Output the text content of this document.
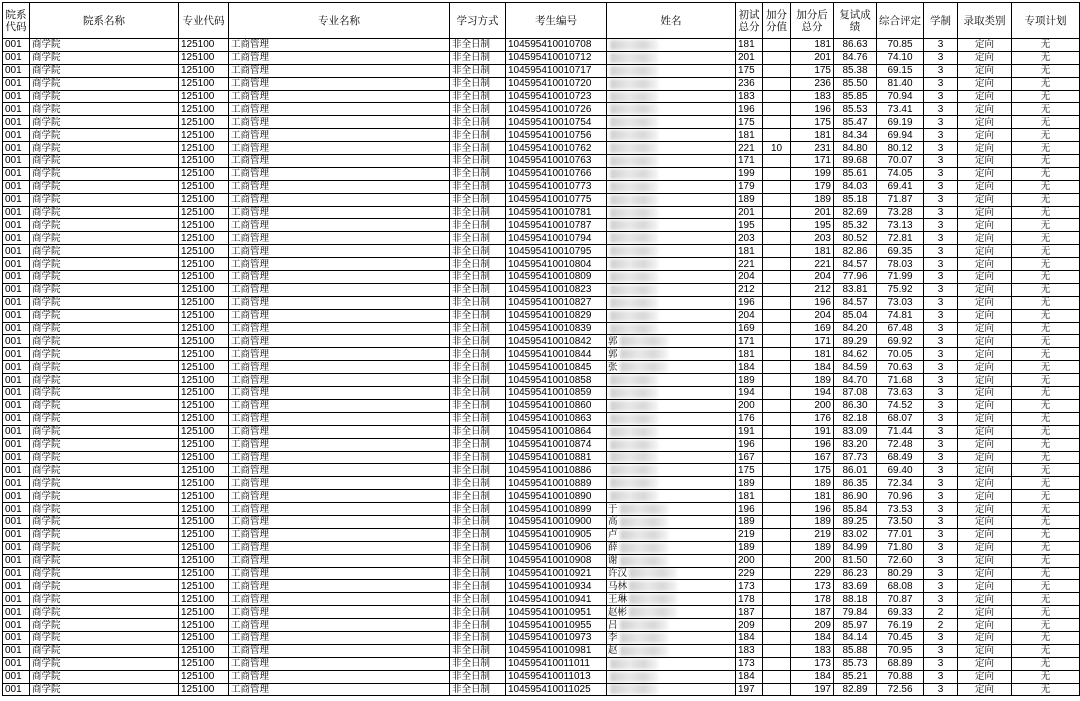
院系代码	院系名称	专业代码	专业名称	学习方式	考生编号	姓名	初试总分	加分分值	加分后总分	复试成绩	综合评定	学制	录取类别	专项计划
001	商学院	125100	工商管理	非全日制	104595410010708		181		181	86.63	70.85	3	定向	无
001	商学院	125100	工商管理	非全日制	104595410010712		201		201	84.76	74.10	3	定向	无
001	商学院	125100	工商管理	非全日制	104595410010717		175		175	85.38	69.15	3	定向	无
001	商学院	125100	工商管理	非全日制	104595410010720		236		236	85.50	81.40	3	定向	无
001	商学院	125100	工商管理	非全日制	104595410010723		183		183	85.85	70.94	3	定向	无
001	商学院	125100	工商管理	非全日制	104595410010726		196		196	85.53	73.41	3	定向	无
001	商学院	125100	工商管理	非全日制	104595410010754		175		175	85.47	69.19	3	定向	无
001	商学院	125100	工商管理	非全日制	104595410010756		181		181	84.34	69.94	3	定向	无
001	商学院	125100	工商管理	非全日制	104595410010762		221	10	231	84.80	80.12	3	定向	无
001	商学院	125100	工商管理	非全日制	104595410010763		171		171	89.68	70.07	3	定向	无
001	商学院	125100	工商管理	非全日制	104595410010766		199		199	85.61	74.05	3	定向	无
001	商学院	125100	工商管理	非全日制	104595410010773		179		179	84.03	69.41	3	定向	无
001	商学院	125100	工商管理	非全日制	104595410010775		189		189	85.18	71.87	3	定向	无
001	商学院	125100	工商管理	非全日制	104595410010781		201		201	82.69	73.28	3	定向	无
001	商学院	125100	工商管理	非全日制	104595410010787		195		195	85.32	73.13	3	定向	无
001	商学院	125100	工商管理	非全日制	104595410010794		203		203	80.52	72.81	3	定向	无
001	商学院	125100	工商管理	非全日制	104595410010795		181		181	82.86	69.35	3	定向	无
001	商学院	125100	工商管理	非全日制	104595410010804		221		221	84.57	78.03	3	定向	无
001	商学院	125100	工商管理	非全日制	104595410010809		204		204	77.96	71.99	3	定向	无
001	商学院	125100	工商管理	非全日制	104595410010823		212		212	83.81	75.92	3	定向	无
001	商学院	125100	工商管理	非全日制	104595410010827		196		196	84.57	73.03	3	定向	无
001	商学院	125100	工商管理	非全日制	104595410010829		204		204	85.04	74.81	3	定向	无
001	商学院	125100	工商管理	非全日制	104595410010839		169		169	84.20	67.48	3	定向	无
001	商学院	125100	工商管理	非全日制	104595410010842	郭	171		171	89.29	69.92	3	定向	无
001	商学院	125100	工商管理	非全日制	104595410010844	郭	181		181	84.62	70.05	3	定向	无
001	商学院	125100	工商管理	非全日制	104595410010845	张	184		184	84.59	70.63	3	定向	无
001	商学院	125100	工商管理	非全日制	104595410010858		189		189	84.70	71.68	3	定向	无
001	商学院	125100	工商管理	非全日制	104595410010859		194		194	87.08	73.63	3	定向	无
001	商学院	125100	工商管理	非全日制	104595410010860		200		200	86.30	74.52	3	定向	无
001	商学院	125100	工商管理	非全日制	104595410010863		176		176	82.18	68.07	3	定向	无
001	商学院	125100	工商管理	非全日制	104595410010864		191		191	83.09	71.44	3	定向	无
001	商学院	125100	工商管理	非全日制	104595410010874		196		196	83.20	72.48	3	定向	无
001	商学院	125100	工商管理	非全日制	104595410010881		167		167	87.73	68.49	3	定向	无
001	商学院	125100	工商管理	非全日制	104595410010886		175		175	86.01	69.40	3	定向	无
001	商学院	125100	工商管理	非全日制	104595410010889		189		189	86.35	72.34	3	定向	无
001	商学院	125100	工商管理	非全日制	104595410010890		181		181	86.90	70.96	3	定向	无
001	商学院	125100	工商管理	非全日制	104595410010899	于	196		196	85.84	73.53	3	定向	无
001	商学院	125100	工商管理	非全日制	104595410010900	高	189		189	89.25	73.50	3	定向	无
001	商学院	125100	工商管理	非全日制	104595410010905	卢	219		219	83.02	77.01	3	定向	无
001	商学院	125100	工商管理	非全日制	104595410010906	薛	189		189	84.99	71.80	3	定向	无
001	商学院	125100	工商管理	非全日制	104595410010908	谢	200		200	81.50	72.60	3	定向	无
001	商学院	125100	工商管理	非全日制	104595410010921	许汉	229		229	86.23	80.29	3	定向	无
001	商学院	125100	工商管理	非全日制	104595410010934	马林	173		173	83.69	68.08	3	定向	无
001	商学院	125100	工商管理	非全日制	104595410010941	王琳	178		178	88.18	70.87	3	定向	无
001	商学院	125100	工商管理	非全日制	104595410010951	赵彬	187		187	79.84	69.33	2	定向	无
001	商学院	125100	工商管理	非全日制	104595410010955	吕	209		209	85.97	76.19	2	定向	无
001	商学院	125100	工商管理	非全日制	104595410010973	李	184		184	84.14	70.45	3	定向	无
001	商学院	125100	工商管理	非全日制	104595410010981	赵	183		183	85.88	70.95	3	定向	无
001	商学院	125100	工商管理	非全日制	104595410011011		173		173	85.73	68.89	3	定向	无
001	商学院	125100	工商管理	非全日制	104595410011013		184		184	85.21	70.88	3	定向	无
001	商学院	125100	工商管理	非全日制	104595410011025		197		197	82.89	72.56	3	定向	无
